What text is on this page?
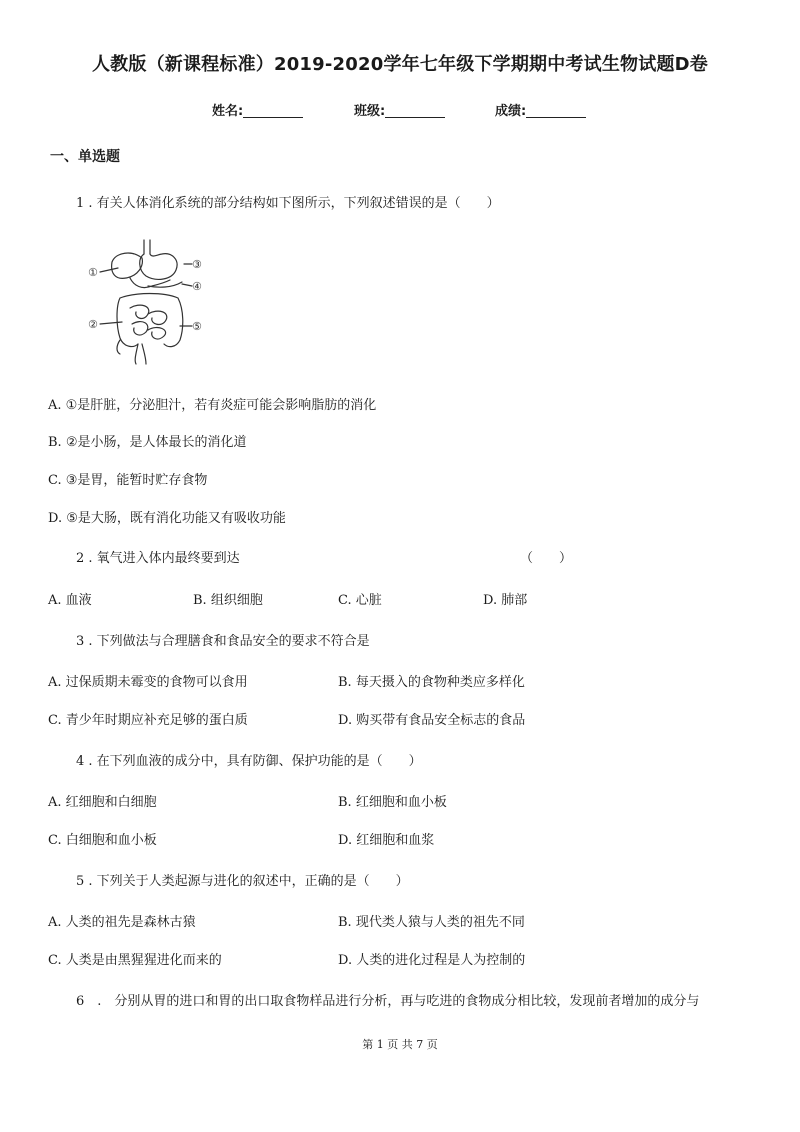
人教版（新课程标准）2019-2020学年七年级下学期期中考试生物试题D卷
姓名:	班级:	成绩:
一、单选题
1 . 有关人体消化系统的部分结构如下图所示，下列叙述错误的是（　　）
①
②
③
④
⑤
A. ①是肝脏，分泌胆汁，若有炎症可能会影响脂肪的消化
B. ②是小肠，是人体最长的消化道
C. ③是胃，能暂时贮存食物
D. ⑤是大肠，既有消化功能又有吸收功能
2 . 氧气进入体内最终要到达	（　　）
A. 血液	B. 组织细胞	C. 心脏	D. 肺部
3 . 下列做法与合理膳食和食品安全的要求不符合是
A. 过保质期未霉变的食物可以食用	B. 每天摄入的食物种类应多样化
C. 青少年时期应补充足够的蛋白质	D. 购买带有食品安全标志的食品
4 . 在下列血液的成分中，具有防御、保护功能的是（　　）
A. 红细胞和白细胞	B. 红细胞和血小板
C. 白细胞和血小板	D. 红细胞和血浆
5 . 下列关于人类起源与进化的叙述中，正确的是（　　）
A. 人类的祖先是森林古猿	B. 现代类人猿与人类的祖先不同
C. 人类是由黑猩猩进化而来的	D. 人类的进化过程是人为控制的
6　.　分别从胃的进口和胃的出口取食物样品进行分析，再与吃进的食物成分相比较，发现前者增加的成分与
第 1 页 共 7 页
